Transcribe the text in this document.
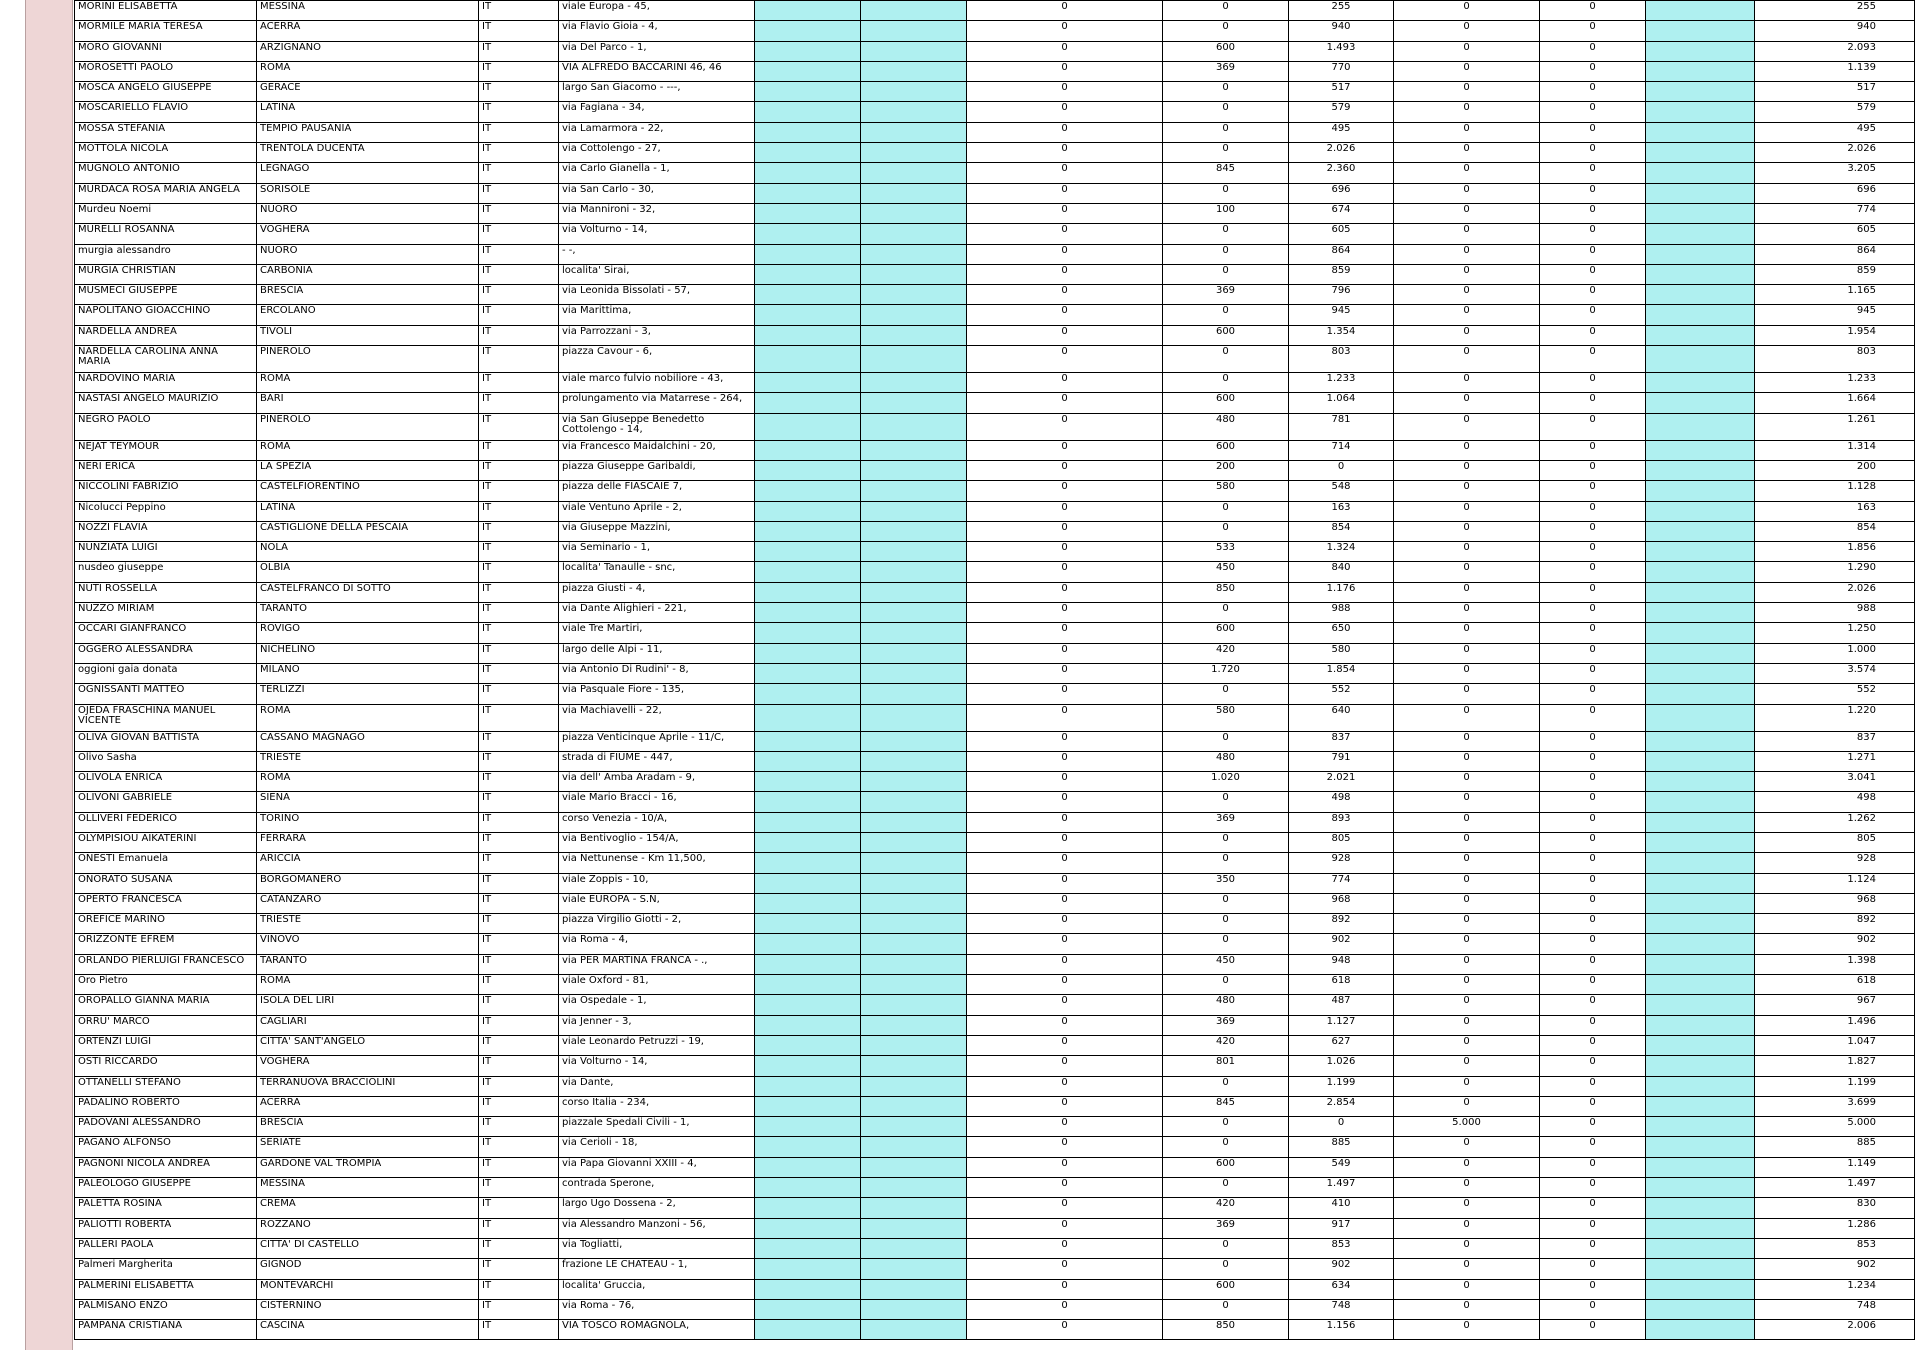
MORINI ELISABETTA	MESSINA	IT	viale Europa - 45,			0	0	255	0	0		255
MORMILE MARIA TERESA	ACERRA	IT	via Flavio Gioia - 4,			0	0	940	0	0		940
MORO GIOVANNI	ARZIGNANO	IT	via Del Parco - 1,			0	600	1.493	0	0		2.093
MOROSETTI PAOLO	ROMA	IT	VIA ALFREDO BACCARINI 46, 46			0	369	770	0	0		1.139
MOSCA ANGELO GIUSEPPE	GERACE	IT	largo San Giacomo - ---,			0	0	517	0	0		517
MOSCARIELLO FLAVIO	LATINA	IT	via Fagiana - 34,			0	0	579	0	0		579
MOSSA STEFANIA	TEMPIO PAUSANIA	IT	via Lamarmora - 22,			0	0	495	0	0		495
MOTTOLA NICOLA	TRENTOLA DUCENTA	IT	via Cottolengo - 27,			0	0	2.026	0	0		2.026
MUGNOLO ANTONIO	LEGNAGO	IT	via Carlo Gianella - 1,			0	845	2.360	0	0		3.205
MURDACA ROSA MARIA ANGELA	SORISOLE	IT	via San Carlo - 30,			0	0	696	0	0		696
Murdeu Noemi	NUORO	IT	via Mannironi - 32,			0	100	674	0	0		774
MURELLI ROSANNA	VOGHERA	IT	via Volturno - 14,			0	0	605	0	0		605
murgia alessandro	NUORO	IT	- -,			0	0	864	0	0		864
MURGIA CHRISTIAN	CARBONIA	IT	localita' Sirai,			0	0	859	0	0		859
MUSMECI GIUSEPPE	BRESCIA	IT	via Leonida Bissolati - 57,			0	369	796	0	0		1.165
NAPOLITANO GIOACCHINO	ERCOLANO	IT	via Marittima,			0	0	945	0	0		945
NARDELLA ANDREA	TIVOLI	IT	via Parrozzani - 3,			0	600	1.354	0	0		1.954
NARDELLA CAROLINA ANNA MARIA	PINEROLO	IT	piazza Cavour - 6,			0	0	803	0	0		803
NARDOVINO MARIA	ROMA	IT	viale marco fulvio nobiliore - 43,			0	0	1.233	0	0		1.233
NASTASI ANGELO MAURIZIO	BARI	IT	prolungamento via Matarrese - 264,			0	600	1.064	0	0		1.664
NEGRO PAOLO	PINEROLO	IT	via San Giuseppe Benedetto Cottolengo - 14,			0	480	781	0	0		1.261
NEJAT TEYMOUR	ROMA	IT	via Francesco Maidalchini - 20,			0	600	714	0	0		1.314
NERI ERICA	LA SPEZIA	IT	piazza Giuseppe Garibaldi,			0	200	0	0	0		200
NICCOLINI FABRIZIO	CASTELFIORENTINO	IT	piazza delle FIASCAIE 7,			0	580	548	0	0		1.128
Nicolucci Peppino	LATINA	IT	viale Ventuno Aprile - 2,			0	0	163	0	0		163
NOZZI FLAVIA	CASTIGLIONE DELLA PESCAIA	IT	via Giuseppe Mazzini,			0	0	854	0	0		854
NUNZIATA LUIGI	NOLA	IT	via Seminario - 1,			0	533	1.324	0	0		1.856
nusdeo giuseppe	OLBIA	IT	localita' Tanaulle - snc,			0	450	840	0	0		1.290
NUTI ROSSELLA	CASTELFRANCO DI SOTTO	IT	piazza Giusti - 4,			0	850	1.176	0	0		2.026
NUZZO MIRIAM	TARANTO	IT	via Dante Alighieri - 221,			0	0	988	0	0		988
OCCARI GIANFRANCO	ROVIGO	IT	viale Tre Martiri,			0	600	650	0	0		1.250
OGGERO ALESSANDRA	NICHELINO	IT	largo delle Alpi - 11,			0	420	580	0	0		1.000
oggioni gaia donata	MILANO	IT	via Antonio Di Rudini' - 8,			0	1.720	1.854	0	0		3.574
OGNISSANTI MATTEO	TERLIZZI	IT	via Pasquale Fiore - 135,			0	0	552	0	0		552
OJEDA FRASCHINA MANUEL VICENTE	ROMA	IT	via Machiavelli - 22,			0	580	640	0	0		1.220
OLIVA GIOVAN BATTISTA	CASSANO MAGNAGO	IT	piazza Venticinque Aprile - 11/C,			0	0	837	0	0		837
Olivo Sasha	TRIESTE	IT	strada di FIUME - 447,			0	480	791	0	0		1.271
OLIVOLA ENRICA	ROMA	IT	via dell' Amba Aradam - 9,			0	1.020	2.021	0	0		3.041
OLIVONI GABRIELE	SIENA	IT	viale Mario Bracci - 16,			0	0	498	0	0		498
OLLIVERI FEDERICO	TORINO	IT	corso Venezia - 10/A,			0	369	893	0	0		1.262
OLYMPISIOU AIKATERINI	FERRARA	IT	via Bentivoglio - 154/A,			0	0	805	0	0		805
ONESTI Emanuela	ARICCIA	IT	via Nettunense - Km 11,500,			0	0	928	0	0		928
ONORATO SUSANA	BORGOMANERO	IT	viale Zoppis - 10,			0	350	774	0	0		1.124
OPERTO FRANCESCA	CATANZARO	IT	viale EUROPA - S.N,			0	0	968	0	0		968
OREFICE MARINO	TRIESTE	IT	piazza Virgilio Giotti - 2,			0	0	892	0	0		892
ORIZZONTE EFREM	VINOVO	IT	via Roma - 4,			0	0	902	0	0		902
ORLANDO PIERLUIGI FRANCESCO	TARANTO	IT	via PER MARTINA FRANCA - .,			0	450	948	0	0		1.398
Oro Pietro	ROMA	IT	viale Oxford - 81,			0	0	618	0	0		618
OROPALLO GIANNA MARIA	ISOLA DEL LIRI	IT	via Ospedale - 1,			0	480	487	0	0		967
ORRU' MARCO	CAGLIARI	IT	via Jenner - 3,			0	369	1.127	0	0		1.496
ORTENZI LUIGI	CITTA' SANT'ANGELO	IT	viale Leonardo Petruzzi - 19,			0	420	627	0	0		1.047
OSTI RICCARDO	VOGHERA	IT	via Volturno - 14,			0	801	1.026	0	0		1.827
OTTANELLI STEFANO	TERRANUOVA BRACCIOLINI	IT	via Dante,			0	0	1.199	0	0		1.199
PADALINO ROBERTO	ACERRA	IT	corso Italia - 234,			0	845	2.854	0	0		3.699
PADOVANI ALESSANDRO	BRESCIA	IT	piazzale Spedali Civili - 1,			0	0	0	5.000	0		5.000
PAGANO ALFONSO	SERIATE	IT	via Cerioli - 18,			0	0	885	0	0		885
PAGNONI NICOLA ANDREA	GARDONE VAL TROMPIA	IT	via Papa Giovanni XXIII - 4,			0	600	549	0	0		1.149
PALEOLOGO GIUSEPPE	MESSINA	IT	contrada Sperone,			0	0	1.497	0	0		1.497
PALETTA ROSINA	CREMA	IT	largo Ugo Dossena - 2,			0	420	410	0	0		830
PALIOTTI ROBERTA	ROZZANO	IT	via Alessandro Manzoni - 56,			0	369	917	0	0		1.286
PALLERI PAOLA	CITTA' DI CASTELLO	IT	via Togliatti,			0	0	853	0	0		853
Palmeri Margherita	GIGNOD	IT	frazione LE CHATEAU - 1,			0	0	902	0	0		902
PALMERINI ELISABETTA	MONTEVARCHI	IT	localita' Gruccia,			0	600	634	0	0		1.234
PALMISANO ENZO	CISTERNINO	IT	via Roma - 76,			0	0	748	0	0		748
PAMPANA CRISTIANA	CASCINA	IT	VIA TOSCO ROMAGNOLA,			0	850	1.156	0	0		2.006
